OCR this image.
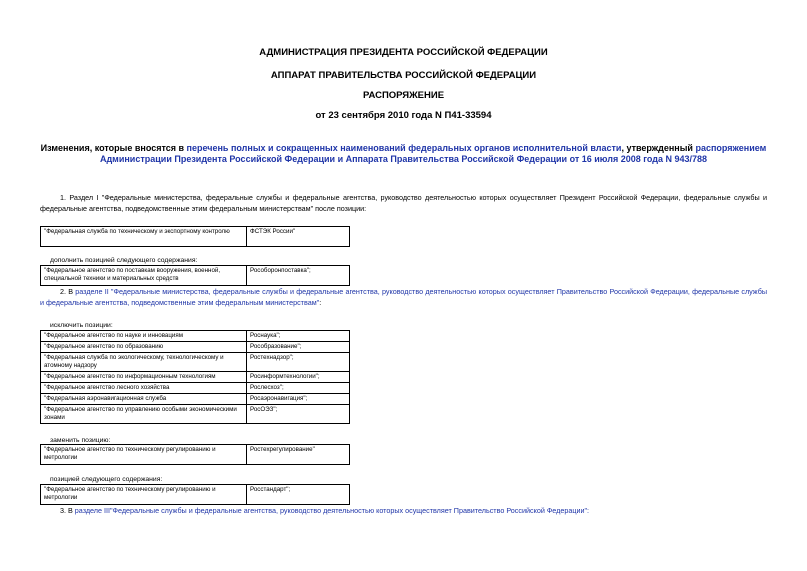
АДМИНИСТРАЦИЯ ПРЕЗИДЕНТА РОССИЙСКОЙ ФЕДЕРАЦИИ

АППАРАТ ПРАВИТЕЛЬСТВА РОССИЙСКОЙ ФЕДЕРАЦИИ

РАСПОРЯЖЕНИЕ

от 23 сентября 2010 года N П41-33594

Изменения, которые вносятся в перечень полных и сокращенных наименований федеральных органов исполнительной власти, утвержденный распоряжением Администрации Президента Российской Федерации и Аппарата Правительства Российской Федерации от 16 июля 2008 года N 943/788

1. Раздел I "Федеральные министерства, федеральные службы и федеральные агентства, руководство деятельностью которых осуществляет Президент Российской Федерации, федеральные службы и федеральные агентства, подведомственные этим федеральным министерствам" после позиции:

"Федеральная служба по техническому и экспортному контролю	ФСТЭК России"

дополнить позицией следующего содержания:

"Федеральное агентство по поставкам вооружения, военной, специальной техники и материальных средств	Рособоронпоставка";

2. В разделе II "Федеральные министерства, федеральные службы и федеральные агентства, руководство деятельностью которых осуществляет Правительство Российской Федерации, федеральные службы и федеральные агентства, подведомственные этим федеральным министерствам":

исключить позиции:

"Федеральное агентство по науке и инновациям	Роснаука";
"Федеральное агентство по образованию	Рособразование";
"Федеральная служба по экологическому, технологическому и атомному надзору	Ростехнадзор";
"Федеральное агентство по информационным технологиям	Росинформтехнологии";
"Федеральное агентство лесного хозяйства	Рослесхоз";
"Федеральная аэронавигационная служба	Росаэронавигация";
"Федеральное агентство по управлению особыми экономическими зонами	РосОЭЗ";

заменить позицию:

"Федеральное агентство по техническому регулированию и метрологии	Ростехрегулирование"

позицией следующего содержания:

"Федеральное агентство по техническому регулированию и метрологии	Росстандарт";

3. В разделе III"Федеральные службы и федеральные агентства, руководство деятельностью которых осуществляет Правительство Российской Федерации":
